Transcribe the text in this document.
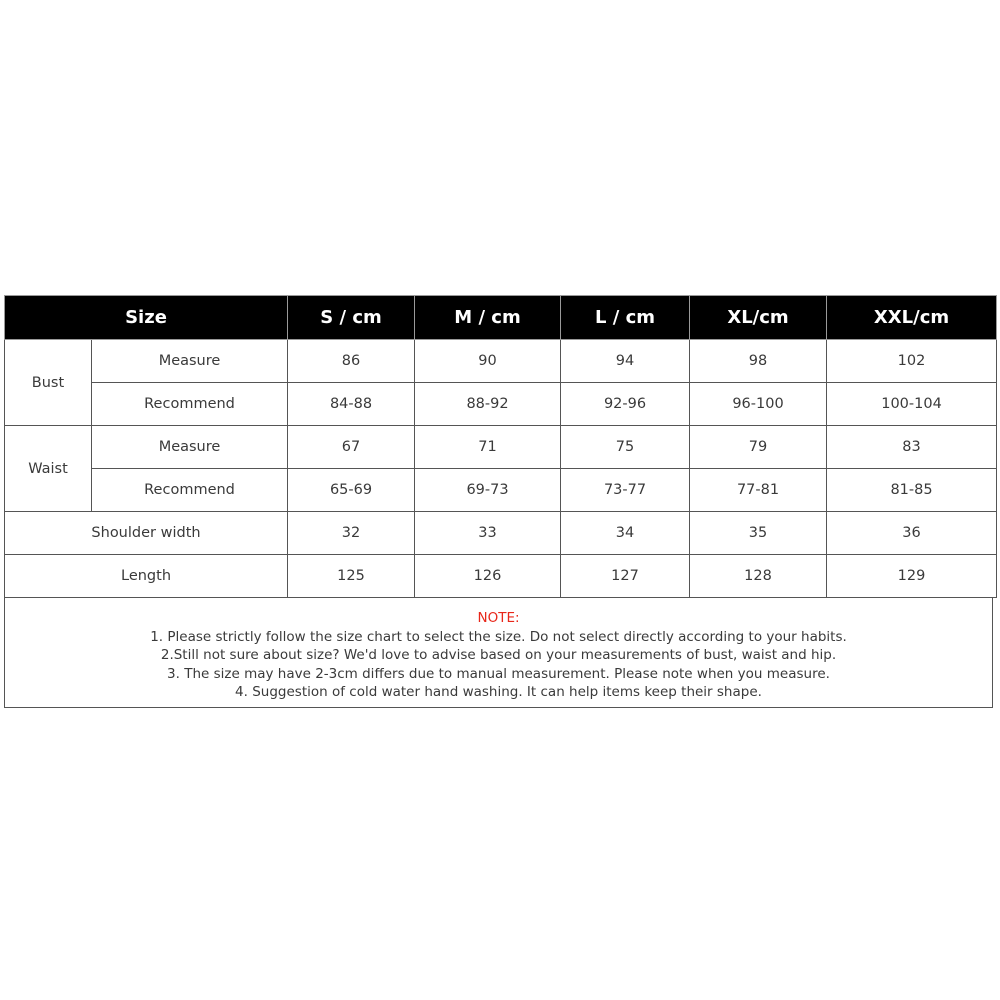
Size		S / cm	M / cm	L / cm	XL/cm	XXL/cm
Bust	Measure	86	90	94	98	102
	Recommend	84-88	88-92	92-96	96-100	100-104
Waist	Measure	67	71	75	79	83
	Recommend	65-69	69-73	73-77	77-81	81-85
Shoulder width		32	33	34	35	36
Length		125	126	127	128	129
NOTE:
1. Please strictly follow the size chart to select the size. Do not select directly according to your habits.
2.Still not sure about size? We'd love to advise based on your measurements of bust, waist and hip.
3. The size may have 2-3cm differs due to manual measurement. Please note when you measure.
4. Suggestion of cold water hand washing. It can help items keep their shape.
